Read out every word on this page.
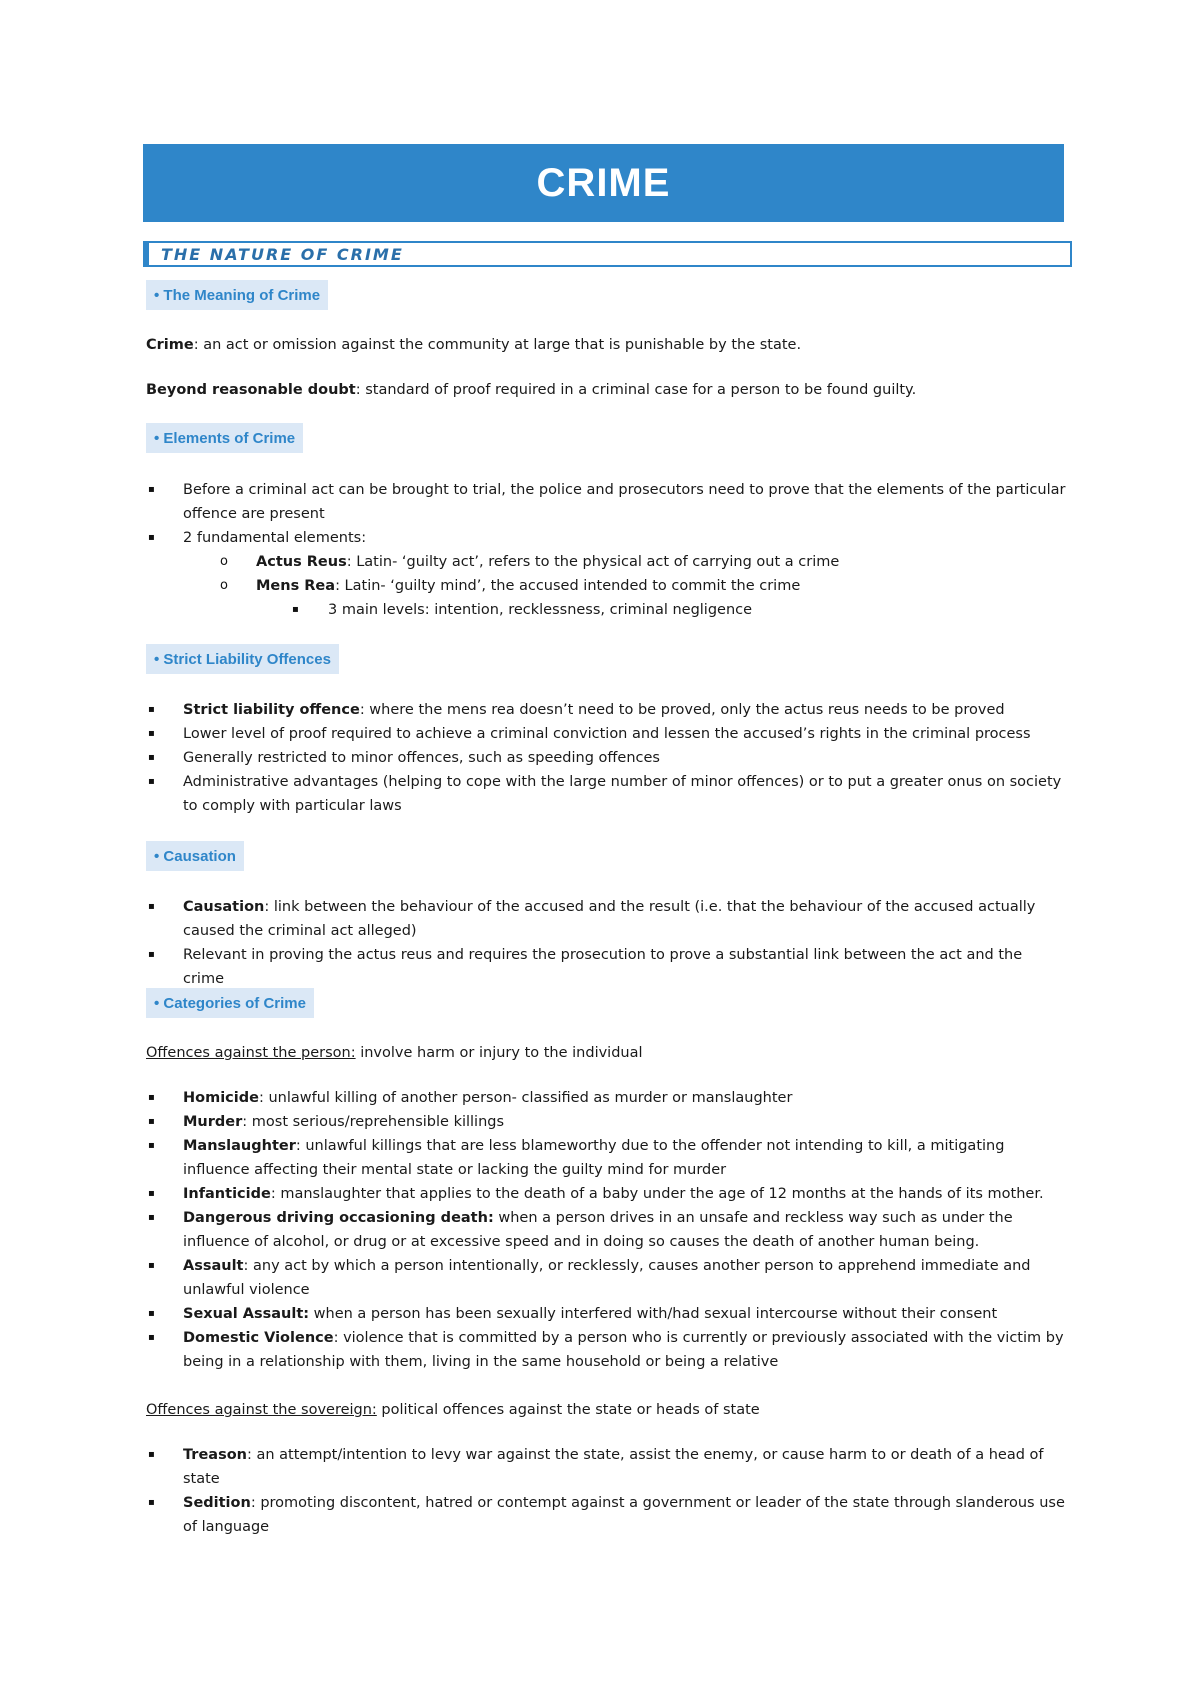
CRIME
THE NATURE OF CRIME
• The Meaning of Crime
Crime: an act or omission against the community at large that is punishable by the state.
Beyond reasonable doubt: standard of proof required in a criminal case for a person to be found guilty.
• Elements of Crime
▪ Before a criminal act can be brought to trial, the police and prosecutors need to prove that the elements of the particular offence are present
▪ 2 fundamental elements:
o Actus Reus: Latin- ‘guilty act’, refers to the physical act of carrying out a crime
o Mens Rea: Latin- ‘guilty mind’, the accused intended to commit the crime
▪ 3 main levels: intention, recklessness, criminal negligence
• Strict Liability Offences
▪ Strict liability offence: where the mens rea doesn’t need to be proved, only the actus reus needs to be proved
▪ Lower level of proof required to achieve a criminal conviction and lessen the accused’s rights in the criminal process
▪ Generally restricted to minor offences, such as speeding offences
▪ Administrative advantages (helping to cope with the large number of minor offences) or to put a greater onus on society to comply with particular laws
• Causation
▪ Causation: link between the behaviour of the accused and the result (i.e. that the behaviour of the accused actually caused the criminal act alleged)
▪ Relevant in proving the actus reus and requires the prosecution to prove a substantial link between the act and the crime
• Categories of Crime
Offences against the person: involve harm or injury to the individual
▪ Homicide: unlawful killing of another person- classified as murder or manslaughter
▪ Murder: most serious/reprehensible killings
▪ Manslaughter: unlawful killings that are less blameworthy due to the offender not intending to kill, a mitigating influence affecting their mental state or lacking the guilty mind for murder
▪ Infanticide: manslaughter that applies to the death of a baby under the age of 12 months at the hands of its mother.
▪ Dangerous driving occasioning death: when a person drives in an unsafe and reckless way such as under the influence of alcohol, or drug or at excessive speed and in doing so causes the death of another human being.
▪ Assault: any act by which a person intentionally, or recklessly, causes another person to apprehend immediate and unlawful violence
▪ Sexual Assault: when a person has been sexually interfered with/had sexual intercourse without their consent
▪ Domestic Violence: violence that is committed by a person who is currently or previously associated with the victim by being in a relationship with them, living in the same household or being a relative
Offences against the sovereign: political offences against the state or heads of state
▪ Treason: an attempt/intention to levy war against the state, assist the enemy, or cause harm to or death of a head of state
▪ Sedition: promoting discontent, hatred or contempt against a government or leader of the state through slanderous use of language
